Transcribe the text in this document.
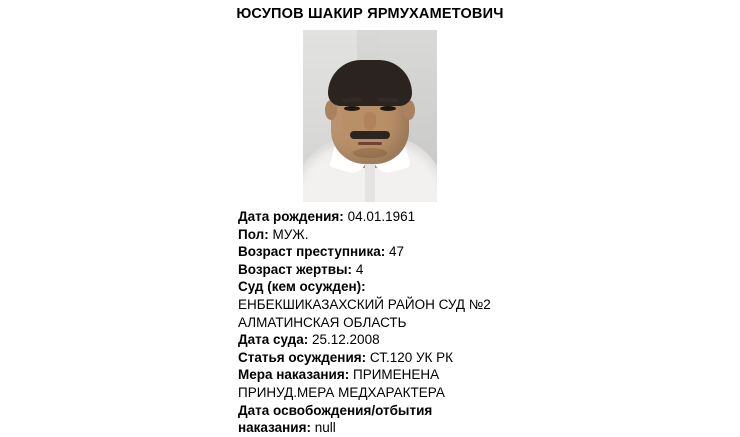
ЮСУПОВ ШАКИР ЯРМУХАМЕТОВИЧ
Дата рождения: 04.01.1961
Пол: МУЖ.
Возраст преступника: 47
Возраст жертвы: 4
Суд (кем осужден):
ЕНБЕКШИКАЗАХСКИЙ РАЙОН СУД №2
АЛМАТИНСКАЯ ОБЛАСТЬ
Дата суда: 25.12.2008
Статья осуждения: СТ.120 УК РК
Мера наказания: ПРИМЕНЕНА
ПРИНУД.МЕРА МЕДХАРАКТЕРА
Дата освобождения/отбытия
наказания: null
